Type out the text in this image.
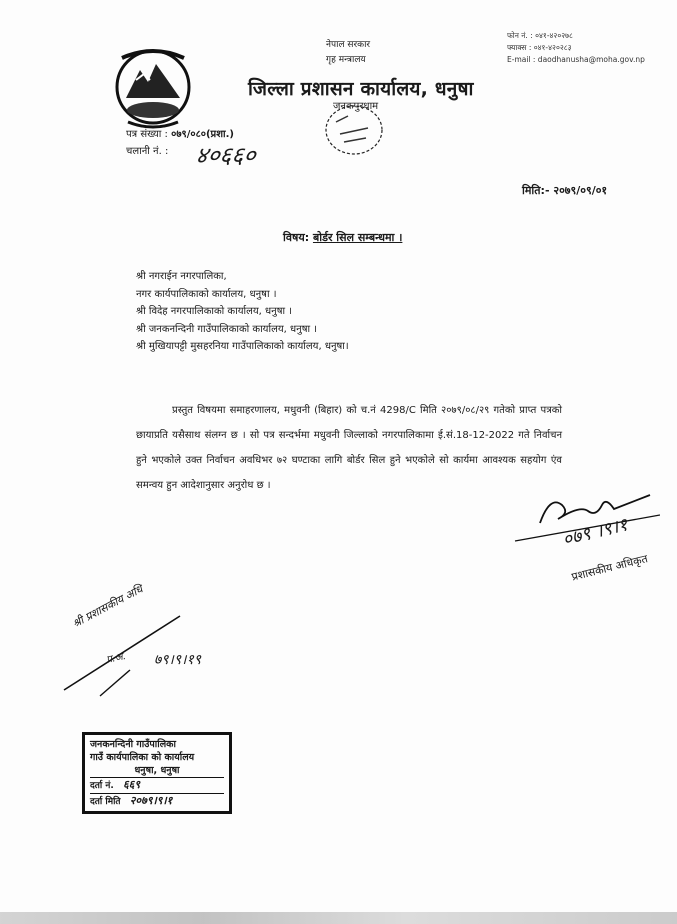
नेपाल सरकार
गृह मन्त्रालय
जिल्ला प्रशासन कार्यालय, धनुषा
जनकपुरधाम
फोन नं. : ०४१-४२०२७८
फ्याक्स : ०४१-४२०२८३
E-mail : daodhanusha@moha.gov.np
पत्र संख्या : ०७९/०८०(प्रशा.)
चलानी नं. :	४०६६०
मिति:- २०७९/०९/०१
विषय: बोर्डर सिल सम्बन्धमा ।
श्री नगराईन नगरपालिका,
नगर कार्यपालिकाको कार्यालय, धनुषा ।
श्री विदेह नगरपालिकाको कार्यालय, धनुषा ।
श्री जनकनन्दिनी गाउँपालिकाको कार्यालय, धनुषा ।
श्री मुखियापट्टी मुसहरनिया गाउँपालिकाको कार्यालय, धनुषा।
प्रस्तुत विषयमा समाहरणालय, मधुवनी (बिहार) को च.नं 4298/C मिति २०७९/०८/२९ गतेको प्राप्त पत्रको छायाप्रति यसैसाथ संलग्न छ । सो पत्र सन्दर्भमा मधुवनी जिल्लाको नगरपालिकामा ई.सं.18-12-2022 गते निर्वाचन हुने भएकोले उक्त निर्वाचन अवधिभर ७२ घण्टाका लागि बोर्डर सिल हुने भएकोले सो कार्यमा आवश्यक सहयोग एंव समन्वय हुन आदेशानुसार अनुरोध छ ।
०७९ ।९।१
प्रशासकीय अधिकृत
श्री प्रशासकीय अधि
प्र.अ. ७९।९।१९
जनकनन्दिनी गाउँपालिका
गाउँ कार्यपालिका को कार्यालय
धनुषा, धनुषा
दर्ता नं. ६६९
दर्ता मिति २०७९।९।१
